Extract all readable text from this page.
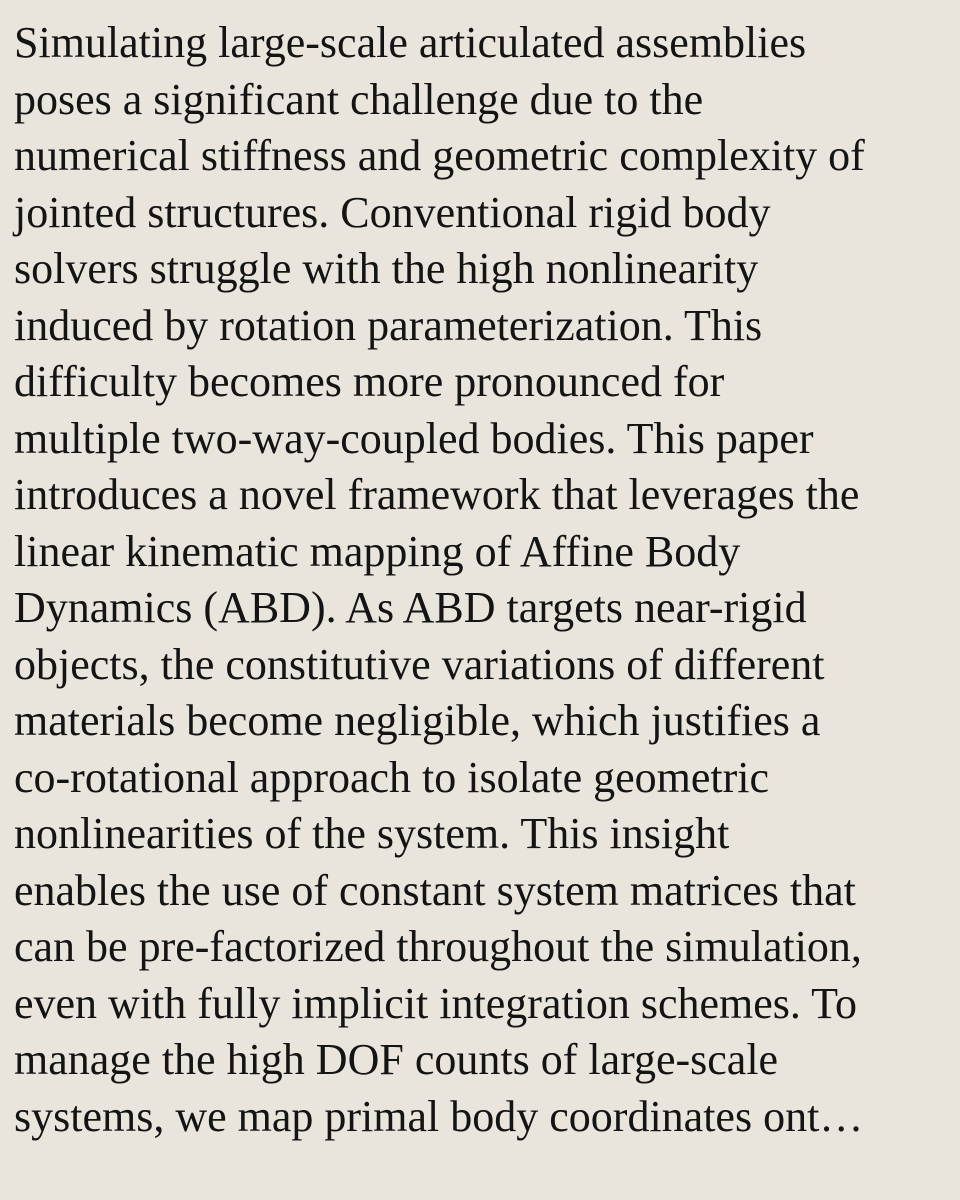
Simulating large-scale articulated assemblies
poses a significant challenge due to the
numerical stiffness and geometric complexity of
jointed structures. Conventional rigid body
solvers struggle with the high nonlinearity
induced by rotation parameterization. This
difficulty becomes more pronounced for
multiple two-way-coupled bodies. This paper
introduces a novel framework that leverages the
linear kinematic mapping of Affine Body
Dynamics (ABD). As ABD targets near-rigid
objects, the constitutive variations of different
materials become negligible, which justifies a
co-rotational approach to isolate geometric
nonlinearities of the system. This insight
enables the use of constant system matrices that
can be pre-factorized throughout the simulation,
even with fully implicit integration schemes. To
manage the high DOF counts of large-scale
systems, we map primal body coordinates ont…
